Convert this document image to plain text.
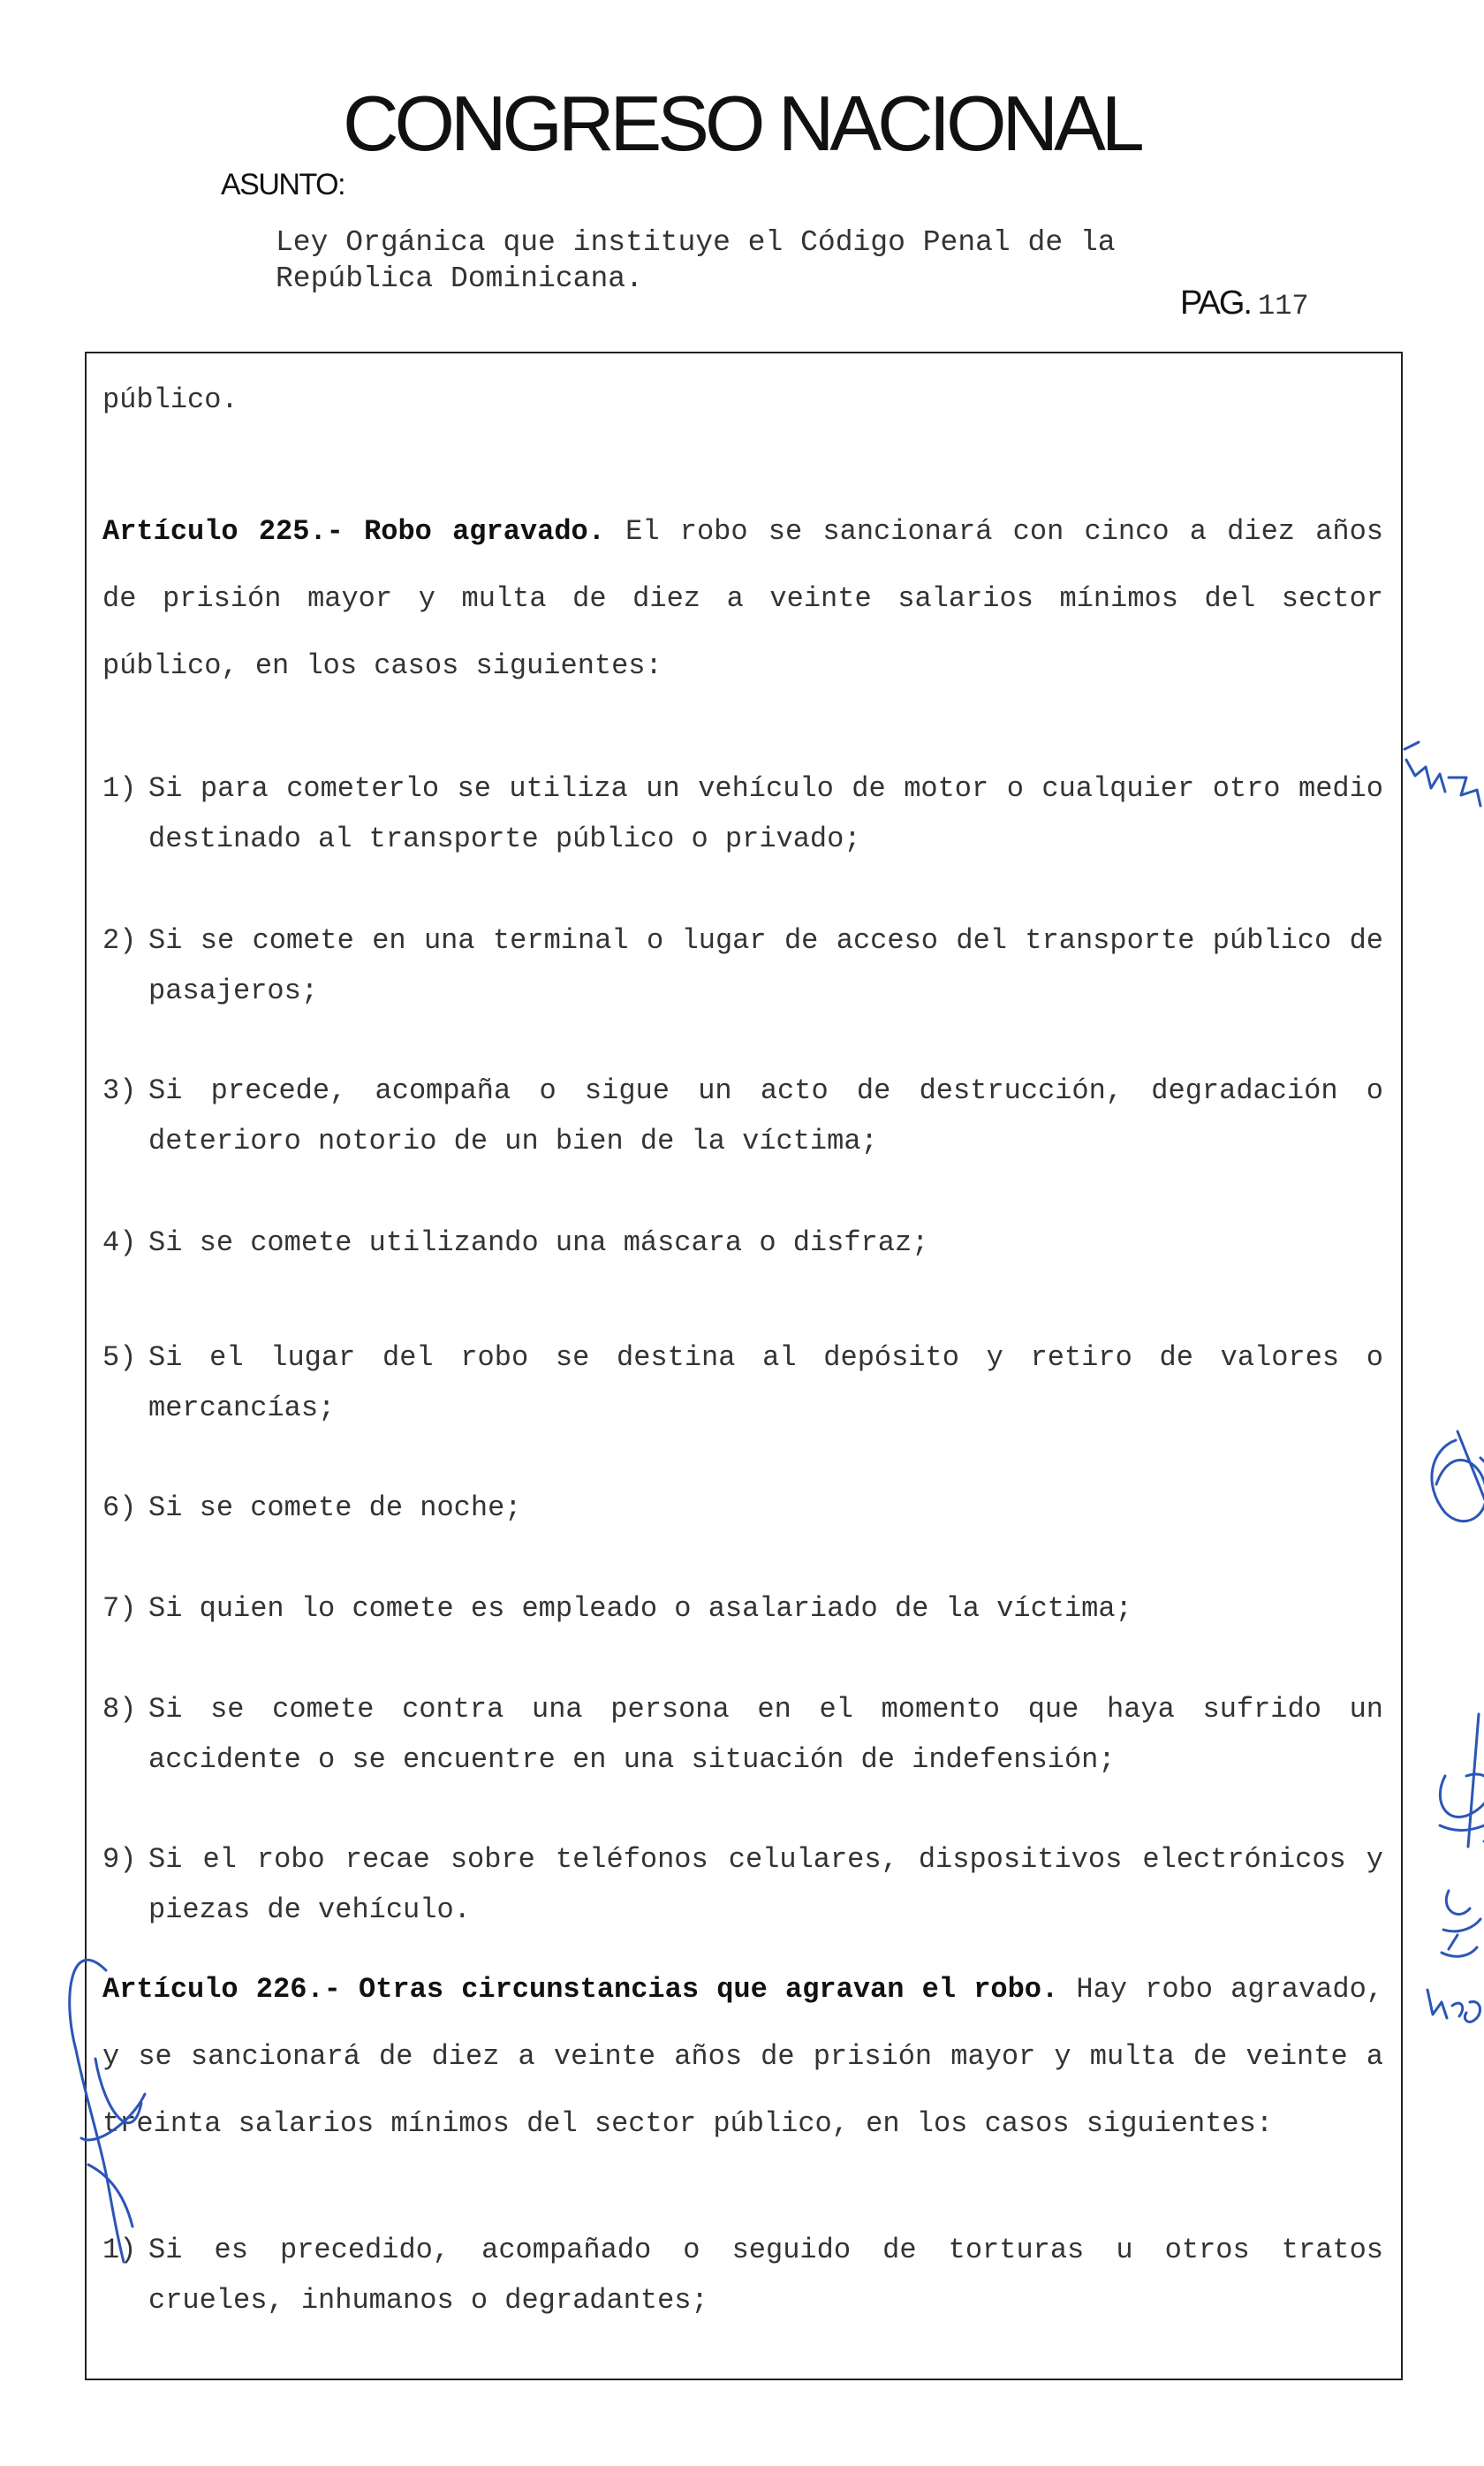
CONGRESO NACIONAL
ASUNTO:
Ley Orgánica que instituye el Código Penal de la
República Dominicana.
PAG. 117
público.
Artículo 225.- Robo agravado. El robo se sancionará con cinco a diez años de prisión mayor y multa de diez a veinte salarios mínimos del sector público, en los casos siguientes:
1) Si para cometerlo se utiliza un vehículo de motor o cualquier otro medio destinado al transporte público o privado;
2) Si se comete en una terminal o lugar de acceso del transporte público de pasajeros;
3) Si precede, acompaña o sigue un acto de destrucción, degradación o deterioro notorio de un bien de la víctima;
4) Si se comete utilizando una máscara o disfraz;
5) Si el lugar del robo se destina al depósito y retiro de valores o mercancías;
6) Si se comete de noche;
7) Si quien lo comete es empleado o asalariado de la víctima;
8) Si se comete contra una persona en el momento que haya sufrido un accidente o se encuentre en una situación de indefensión;
9) Si el robo recae sobre teléfonos celulares, dispositivos electrónicos y piezas de vehículo.
Artículo 226.- Otras circunstancias que agravan el robo. Hay robo agravado, y se sancionará de diez a veinte años de prisión mayor y multa de veinte a treinta salarios mínimos del sector público, en los casos siguientes:
1) Si es precedido, acompañado o seguido de torturas u otros tratos crueles, inhumanos o degradantes;
